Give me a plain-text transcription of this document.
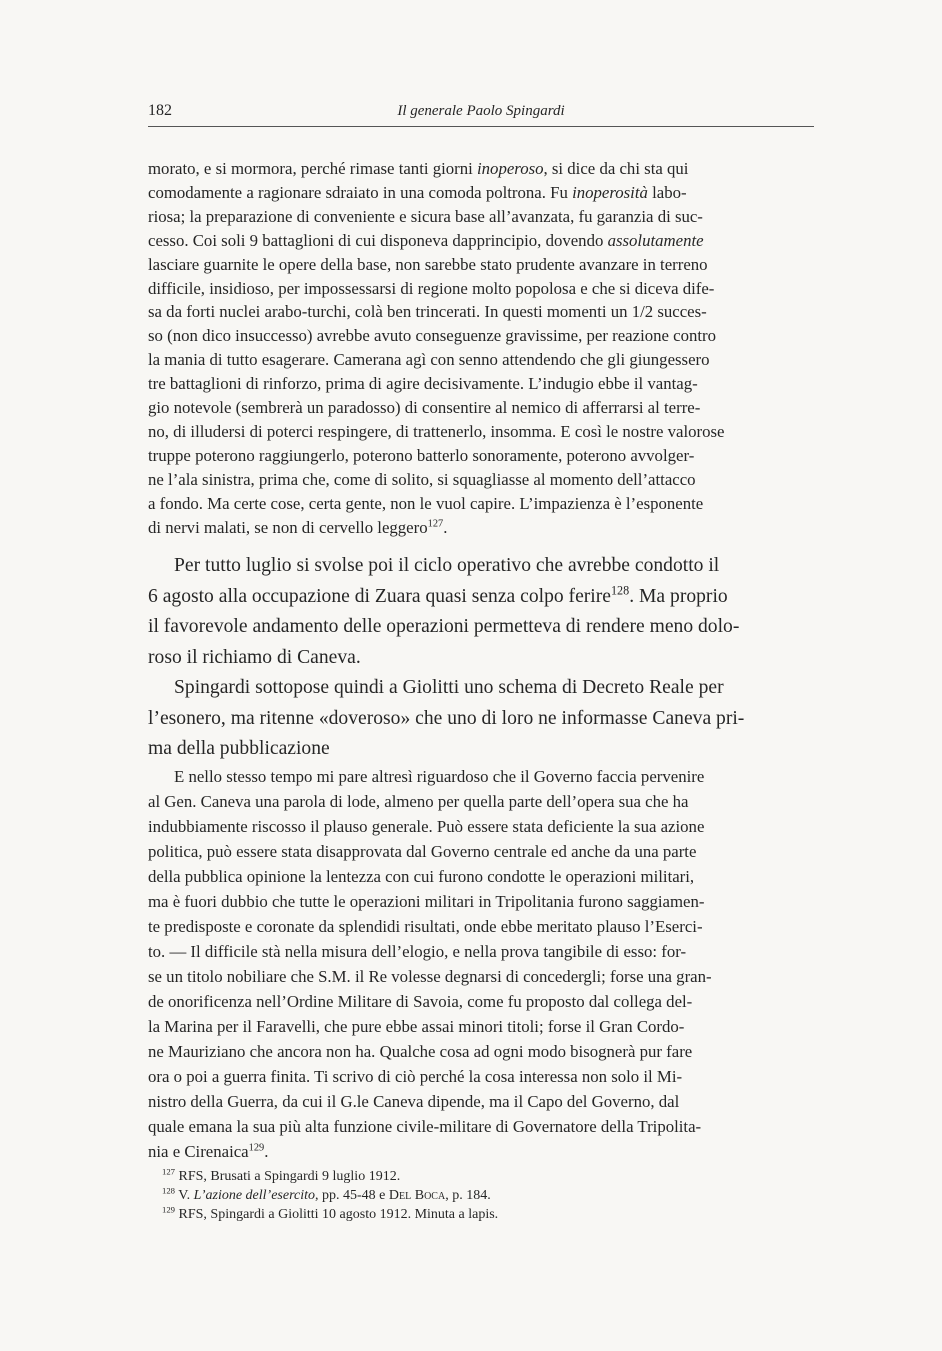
182	Il generale Paolo Spingardi
morato, e si mormora, perché rimase tanti giorni inoperoso, si dice da chi sta qui
comodamente a ragionare sdraiato in una comoda poltrona. Fu inoperosità labo-
riosa; la preparazione di conveniente e sicura base all’avanzata, fu garanzia di suc-
cesso. Coi soli 9 battaglioni di cui disponeva dapprincipio, dovendo assolutamente
lasciare guarnite le opere della base, non sarebbe stato prudente avanzare in terreno
difficile, insidioso, per impossessarsi di regione molto popolosa e che si diceva dife-
sa da forti nuclei arabo-turchi, colà ben trincerati. In questi momenti un 1/2 succes-
so (non dico insuccesso) avrebbe avuto conseguenze gravissime, per reazione contro
la mania di tutto esagerare. Camerana agì con senno attendendo che gli giungessero
tre battaglioni di rinforzo, prima di agire decisivamente. L’indugio ebbe il vantag-
gio notevole (sembrerà un paradosso) di consentire al nemico di afferrarsi al terre-
no, di illudersi di poterci respingere, di trattenerlo, insomma. E così le nostre valorose
truppe poterono raggiungerlo, poterono batterlo sonoramente, poterono avvolger-
ne l’ala sinistra, prima che, come di solito, si squagliasse al momento dell’attacco
a fondo. Ma certe cose, certa gente, non le vuol capire. L’impazienza è l’esponente
di nervi malati, se non di cervello leggero$^{127}$.
Per tutto luglio si svolse poi il ciclo operativo che avrebbe condotto il
6 agosto alla occupazione di Zuara quasi senza colpo ferire$^{128}$. Ma proprio
il favorevole andamento delle operazioni permetteva di rendere meno dolo-
roso il richiamo di Caneva.
Spingardi sottopose quindi a Giolitti uno schema di Decreto Reale per
l’esonero, ma ritenne «doveroso» che uno di loro ne informasse Caneva pri-
ma della pubblicazione
E nello stesso tempo mi pare altresì riguardoso che il Governo faccia pervenire
al Gen. Caneva una parola di lode, almeno per quella parte dell’opera sua che ha
indubbiamente riscosso il plauso generale. Può essere stata deficiente la sua azione
politica, può essere stata disapprovata dal Governo centrale ed anche da una parte
della pubblica opinione la lentezza con cui furono condotte le operazioni militari,
ma è fuori dubbio che tutte le operazioni militari in Tripolitania furono saggiamen-
te predisposte e coronate da splendidi risultati, onde ebbe meritato plauso l’Eserci-
to. — Il difficile stà nella misura dell’elogio, e nella prova tangibile di esso: for-
se un titolo nobiliare che S.M. il Re volesse degnarsi di concedergli; forse una gran-
de onorificenza nell’Ordine Militare di Savoia, come fu proposto dal collega del-
la Marina per il Faravelli, che pure ebbe assai minori titoli; forse il Gran Cordo-
ne Mauriziano che ancora non ha. Qualche cosa ad ogni modo bisognerà pur fare
ora o poi a guerra finita. Ti scrivo di ciò perché la cosa interessa non solo il Mi-
nistro della Guerra, da cui il G.le Caneva dipende, ma il Capo del Governo, dal
quale emana la sua più alta funzione civile-militare di Governatore della Tripolita-
nia e Cirenaica$^{129}$.
$^{127}$ RFS, Brusati a Spingardi 9 luglio 1912.
$^{128}$ V. L’azione dell’esercito, pp. 45-48 e Del Boca, p. 184.
$^{129}$ RFS, Spingardi a Giolitti 10 agosto 1912. Minuta a lapis.
